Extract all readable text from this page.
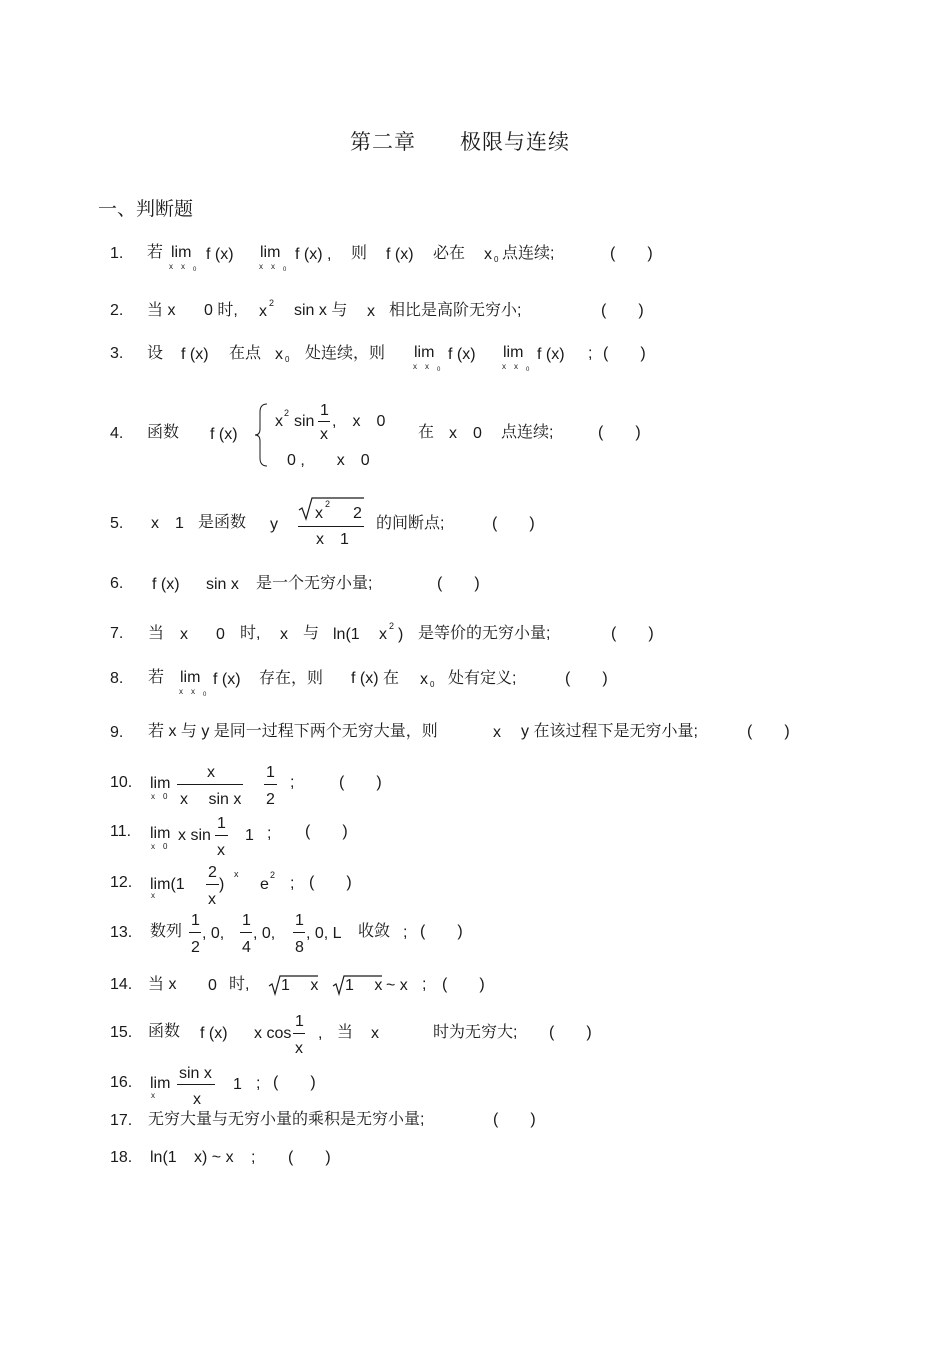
第二章　　极限与连续
一、判断题
1. 若 lim
x　x 0
f (x) lim
x　x 0
f (x) , 则 f (x) 必在 x 0 点连续;	(　　)
2. 当 x 0 时, x 2 sin x 与 x 相比是高阶无穷小;	(　　)
3. 设 f (x) 在点 x 0 处连续，则 lim
x　x 0
f (x) lim
x　x 0
f (x) ; (　　)
4. 函数 f (x)
x 2 sin
1
x
,　x　0
0 ,　　x　0
在 x　0 点连续;	(　　)
5. x　1 是函数 y
x
2
2
x　1
的间断点;	(　　)
6. f (x) sin x 是一个无穷小量;	(　　)
7. 当 x 0 时, x 与 ln(1 x 2 ) 是等价的无穷小量;	(　　)
8. 若 lim
x　x 0
f (x) 存在，则 f (x) 在 x 0 处有定义;	(　　)
9. 若 x 与 y 是同一过程下两个无穷大量，则	x y 在该过程下是无穷小量;	(　　)
10. lim
x　0
x
x　 sin x
1
2
;	(　　)
11. lim
x　0
x sin
1
x
1 ; (　　)
12. lim(1
x
2
x
)
x
e
2 ; (　　)
13. 数列
1
2
, 0,
1
4
, 0,
1
8
, 0, L 收敛 ; (　　)
14. 当 x 0 时, 1　 x 1　 x ~ x ; (　　)
15. 函数 f (x) x cos
1
x
, 当 x	时为无穷大; (　　)
16. lim
x
sin x
x
1 ; (　　)
17. 无穷大量与无穷小量的乘积是无穷小量;	(　　)
18. ln(1 x) ~ x ; (　　)
